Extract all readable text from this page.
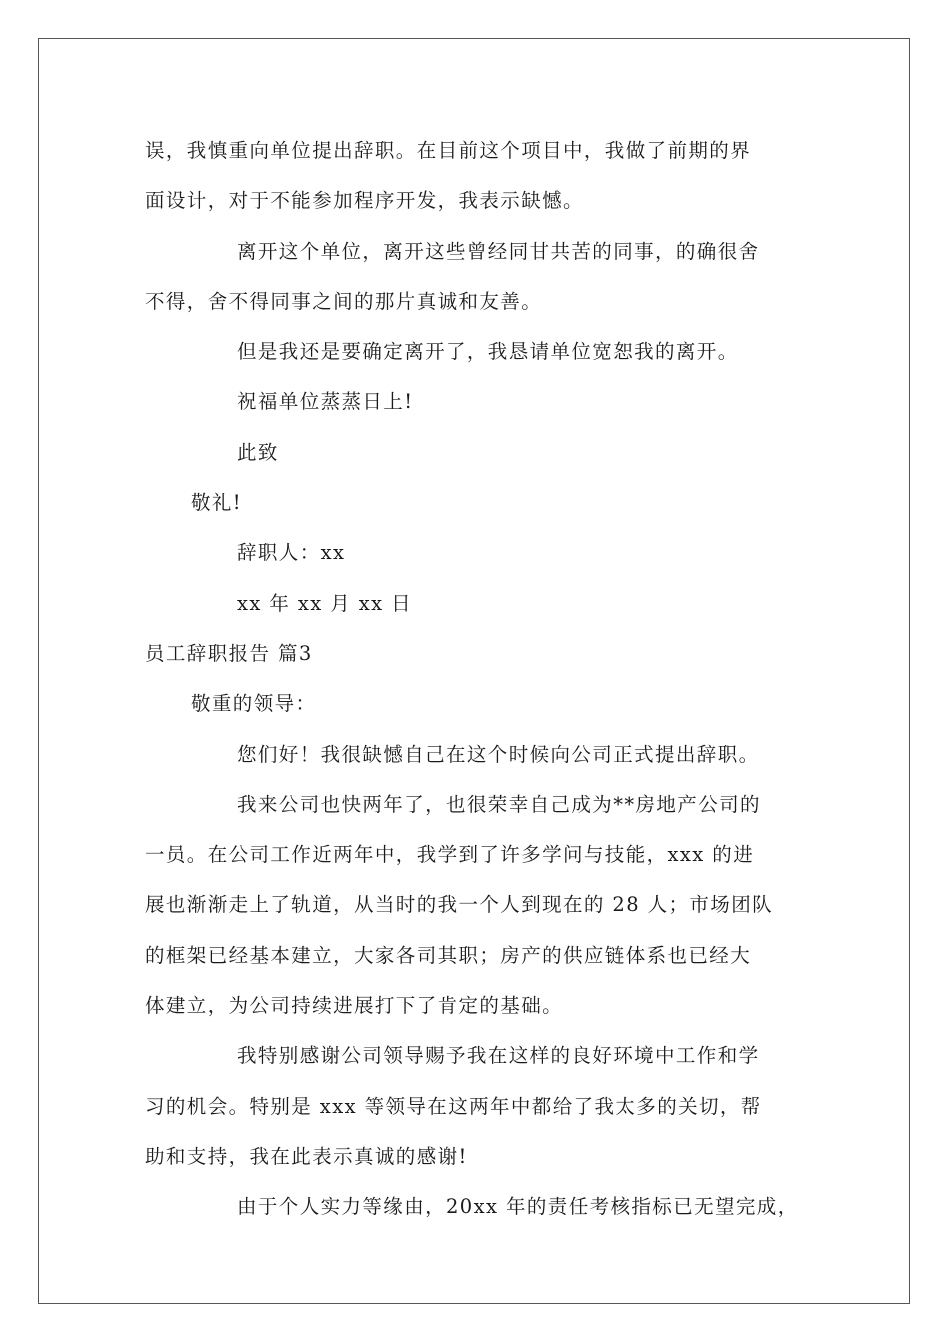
误，我慎重向单位提出辞职。在目前这个项目中，我做了前期的界
面设计，对于不能参加程序开发，我表示缺憾。
离开这个单位，离开这些曾经同甘共苦的同事，的确很舍
不得，舍不得同事之间的那片真诚和友善。
但是我还是要确定离开了，我恳请单位宽恕我的离开。
祝福单位蒸蒸日上!
此致
敬礼!
辞职人：xx
xx 年 xx 月 xx 日
员工辞职报告 篇3
敬重的领导：
您们好！我很缺憾自己在这个时候向公司正式提出辞职。
我来公司也快两年了，也很荣幸自己成为**房地产公司的
一员。在公司工作近两年中，我学到了许多学问与技能，xxx 的进
展也渐渐走上了轨道，从当时的我一个人到现在的 28 人；市场团队
的框架已经基本建立，大家各司其职；房产的供应链体系也已经大
体建立，为公司持续进展打下了肯定的基础。
我特别感谢公司领导赐予我在这样的良好环境中工作和学
习的机会。特别是 xxx 等领导在这两年中都给了我太多的关切，帮
助和支持，我在此表示真诚的感谢!
由于个人实力等缘由，20xx 年的责任考核指标已无望完成，
